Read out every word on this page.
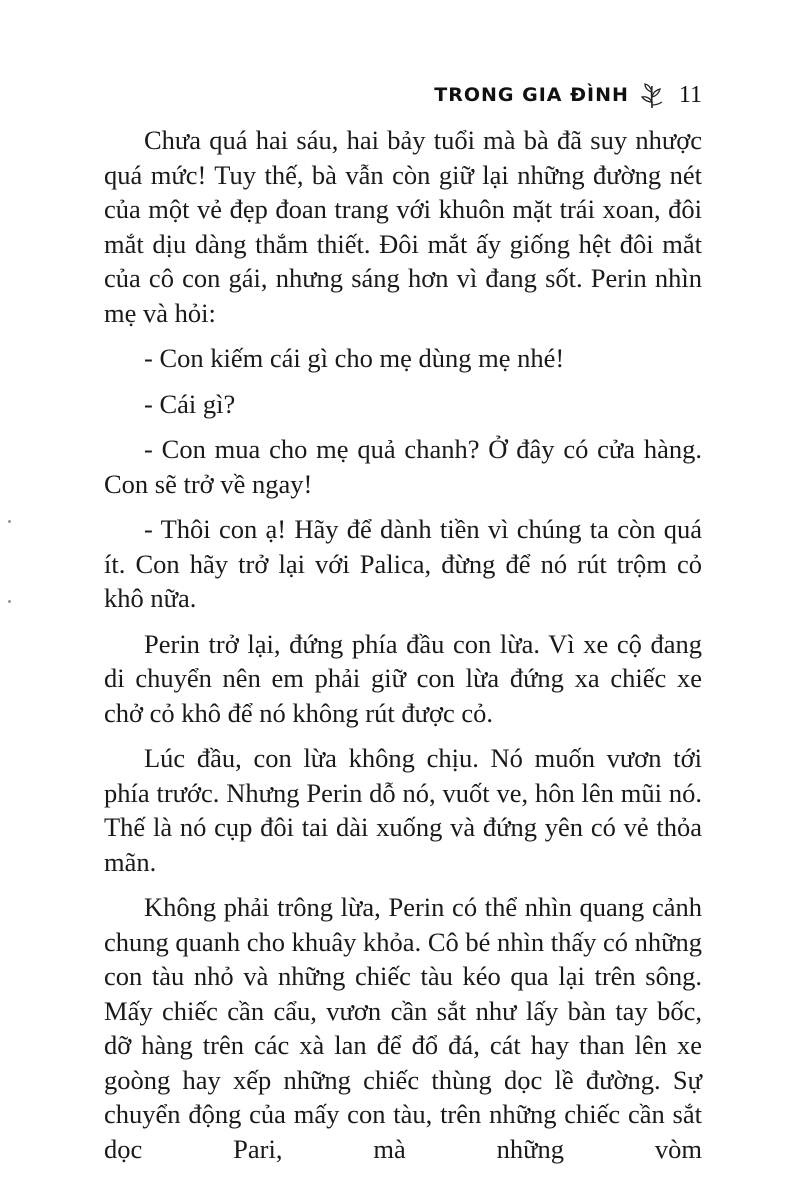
TRONG GIA ĐÌNH 11

Chưa quá hai sáu, hai bảy tuổi mà bà đã suy nhược quá mức! Tuy thế, bà vẫn còn giữ lại những đường nét của một vẻ đẹp đoan trang với khuôn mặt trái xoan, đôi mắt dịu dàng thắm thiết. Đôi mắt ấy giống hệt đôi mắt của cô con gái, nhưng sáng hơn vì đang sốt. Perin nhìn mẹ và hỏi:

- Con kiếm cái gì cho mẹ dùng mẹ nhé!

- Cái gì?

- Con mua cho mẹ quả chanh? Ở đây có cửa hàng. Con sẽ trở về ngay!

- Thôi con ạ! Hãy để dành tiền vì chúng ta còn quá ít. Con hãy trở lại với Palica, đừng để nó rút trộm cỏ khô nữa.

Perin trở lại, đứng phía đầu con lừa. Vì xe cộ đang di chuyển nên em phải giữ con lừa đứng xa chiếc xe chở cỏ khô để nó không rút được cỏ.

Lúc đầu, con lừa không chịu. Nó muốn vươn tới phía trước. Nhưng Perin dỗ nó, vuốt ve, hôn lên mũi nó. Thế là nó cụp đôi tai dài xuống và đứng yên có vẻ thỏa mãn.

Không phải trông lừa, Perin có thể nhìn quang cảnh chung quanh cho khuây khỏa. Cô bé nhìn thấy có những con tàu nhỏ và những chiếc tàu kéo qua lại trên sông. Mấy chiếc cần cẩu, vươn cần sắt như lấy bàn tay bốc, dỡ hàng trên các xà lan để đổ đá, cát hay than lên xe goòng hay xếp những chiếc thùng dọc lề đường. Sự chuyển động của mấy con tàu, trên những chiếc cần sắt dọc Pari, mà những vòm
